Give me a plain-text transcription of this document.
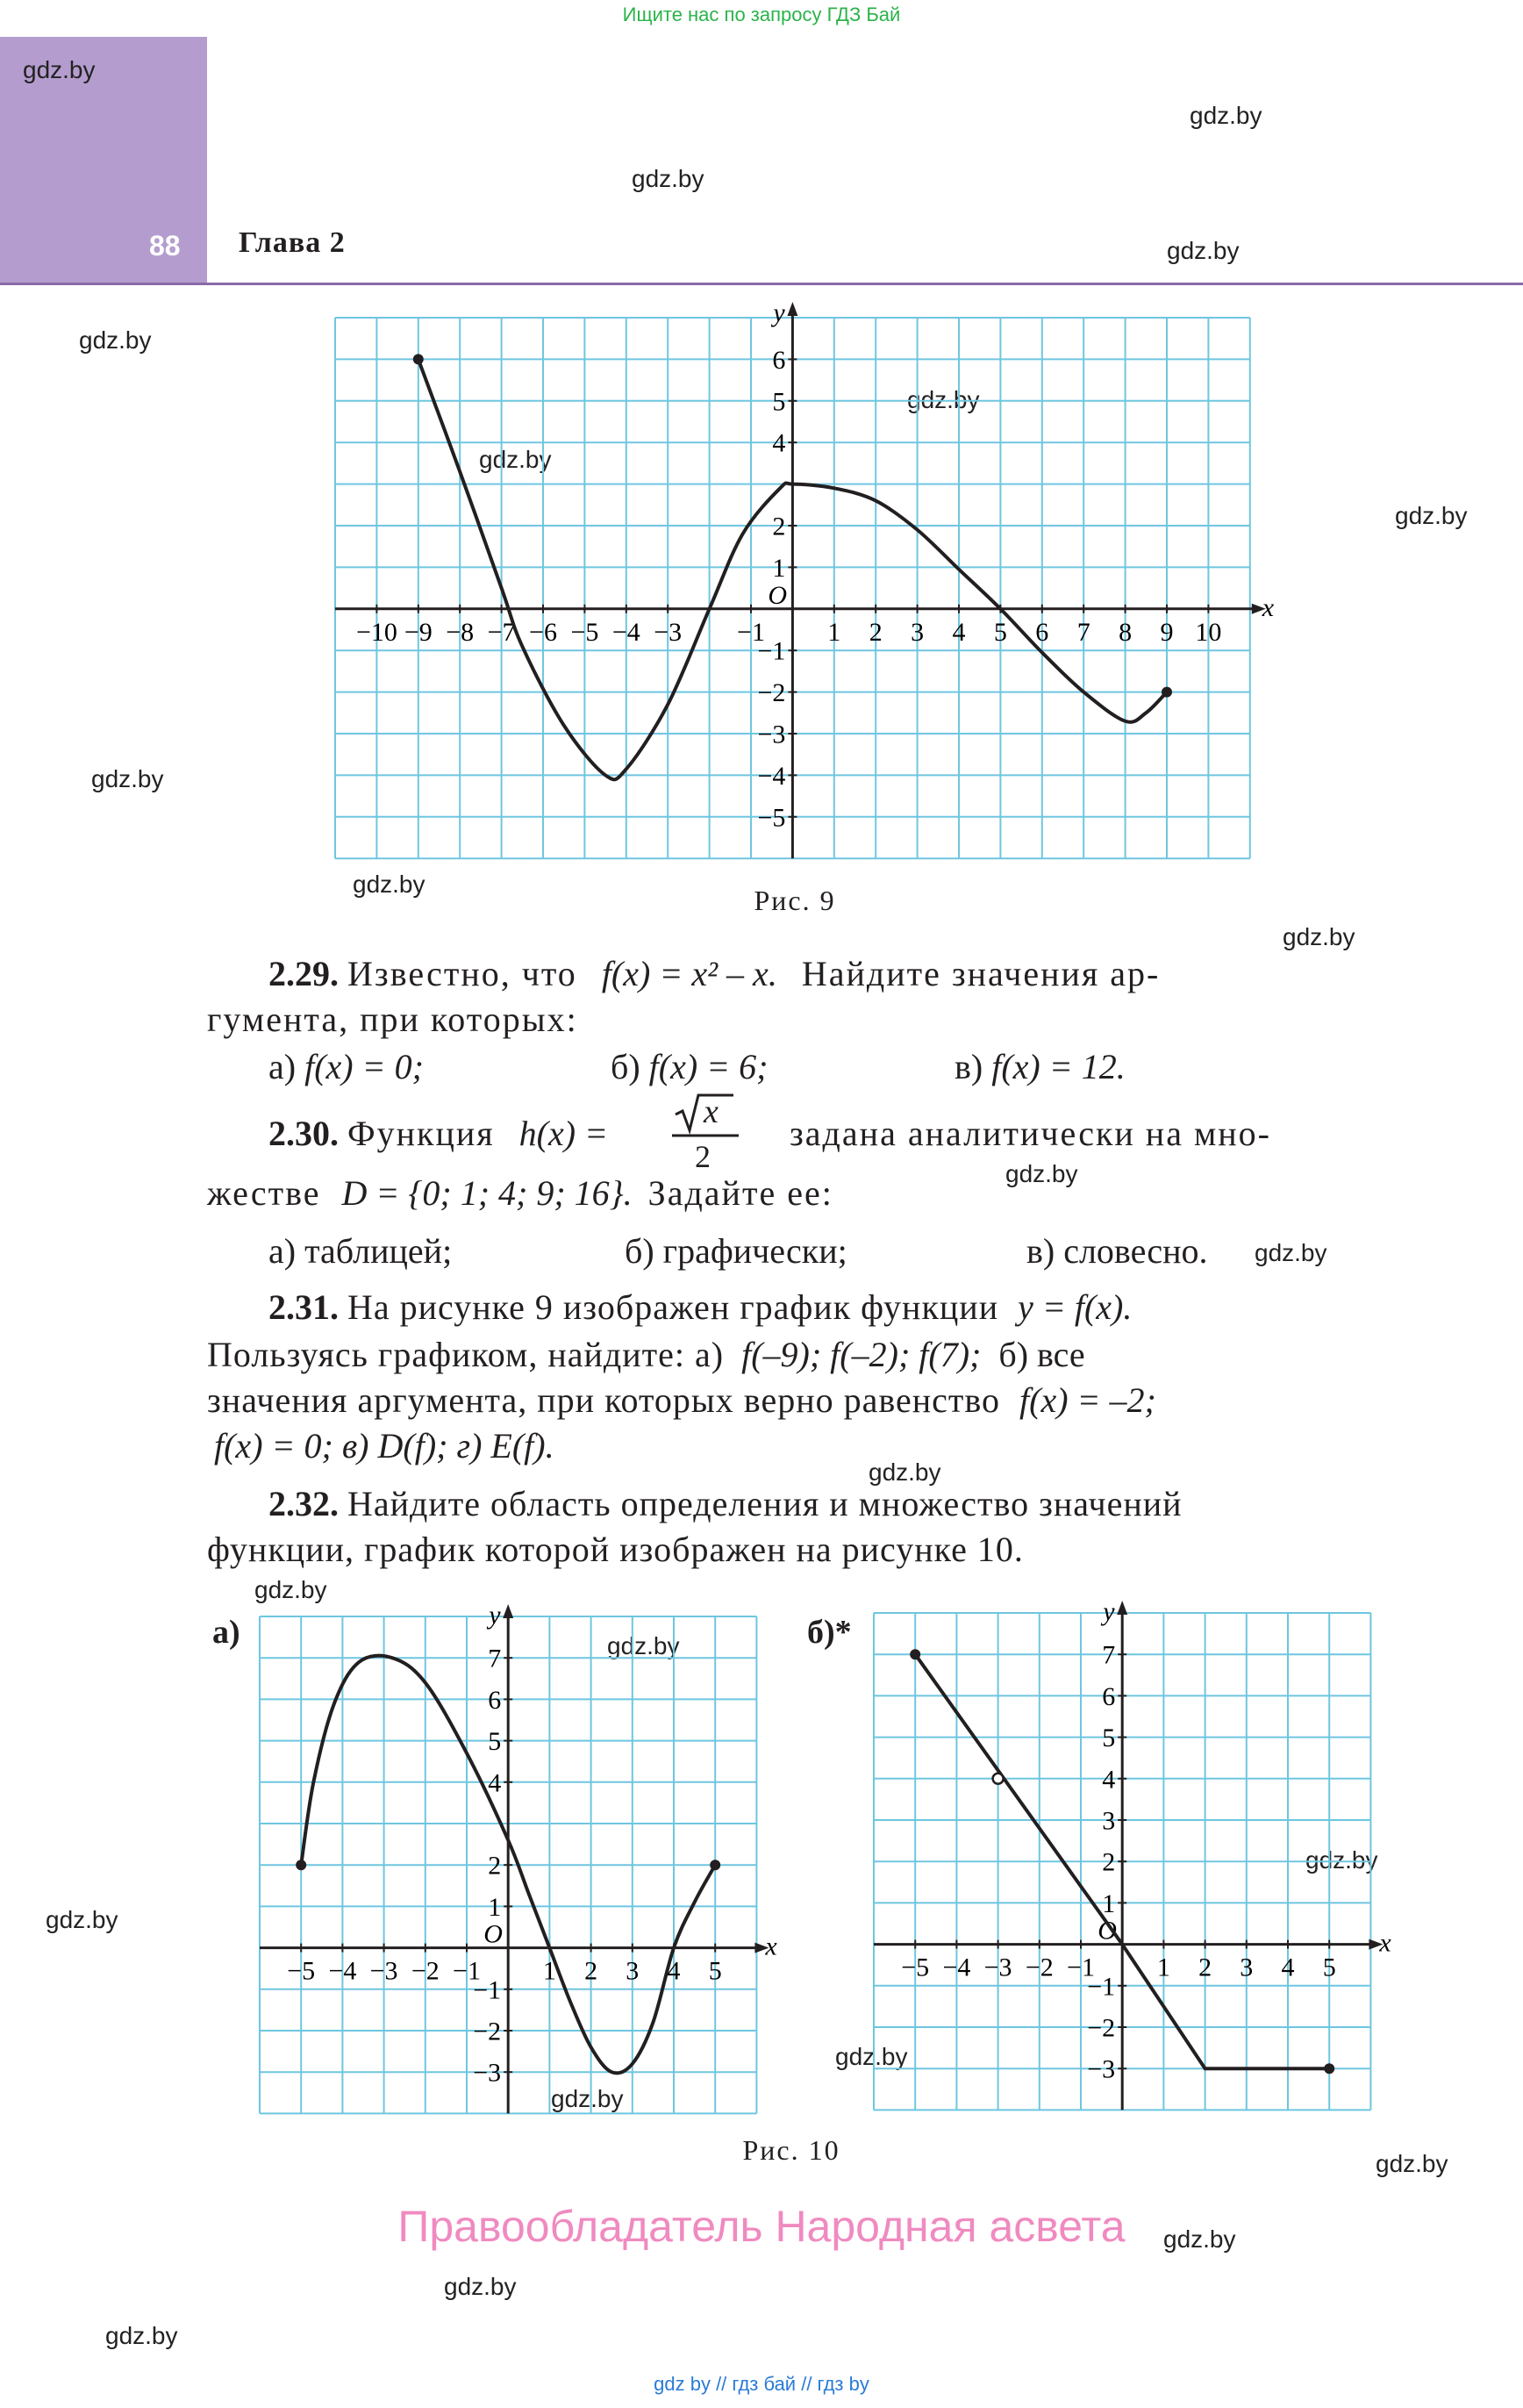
Ищите нас по запросу ГДЗ Бай
88 Глава 2
gdz.by
gdz.by
gdz.by
gdz.by
gdz.by
gdz.by
gdz.by
gdz.by
gdz.by
gdz.by
gdz.by
gdz.by
gdz.by
gdz.by
gdz.by
gdz.by
gdz.by
gdz.by
gdz.by
gdz.by
gdz.by
gdz.by
gdz.by
gdz.by
x
y
O
−10 −9 −8 −7 −6 −5 −4 −3 −1 1 2 3 4 5 6 7 8 9 10
6
5
4
2
1
−1
−2
−3
−4
−5
Рис. 9
2.29. Известно, что f(x) = x² – x. Найдите значения ар-
гумента, при которых:
а) f(x) = 0;	б) f(x) = 6;	в) f(x) = 12.
2.30. Функция h(x) =
x
2
задана аналитически на мно-
жестве D = {0; 1; 4; 9; 16}. Задайте ее:
а) таблицей;	б) графически;	в) словесно.
2.31. На рисунке 9 изображен график функции y = f(x).
Пользуясь графиком, найдите: а) f(–9); f(–2); f(7); б) все
значения аргумента, при которых верно равенство f(x) = –2;
f(x) = 0; в) D(f); г) E(f).
2.32. Найдите область определения и множество значений
функции, график которой изображен на рисунке 10.
а)
x
y
O
−5 −4 −3 −2 −1 1 2 3 4 5
7
6
5
4
2
1
−1
−2
−3
б)*
x
y
O
−5 −4 −3 −2 −1 1 2 3 4 5
7
6
5
4
3
2
1
−1
−2
−3
Рис. 10
Правообладатель Народная асвета
gdz by // гдз бай // гдз by
